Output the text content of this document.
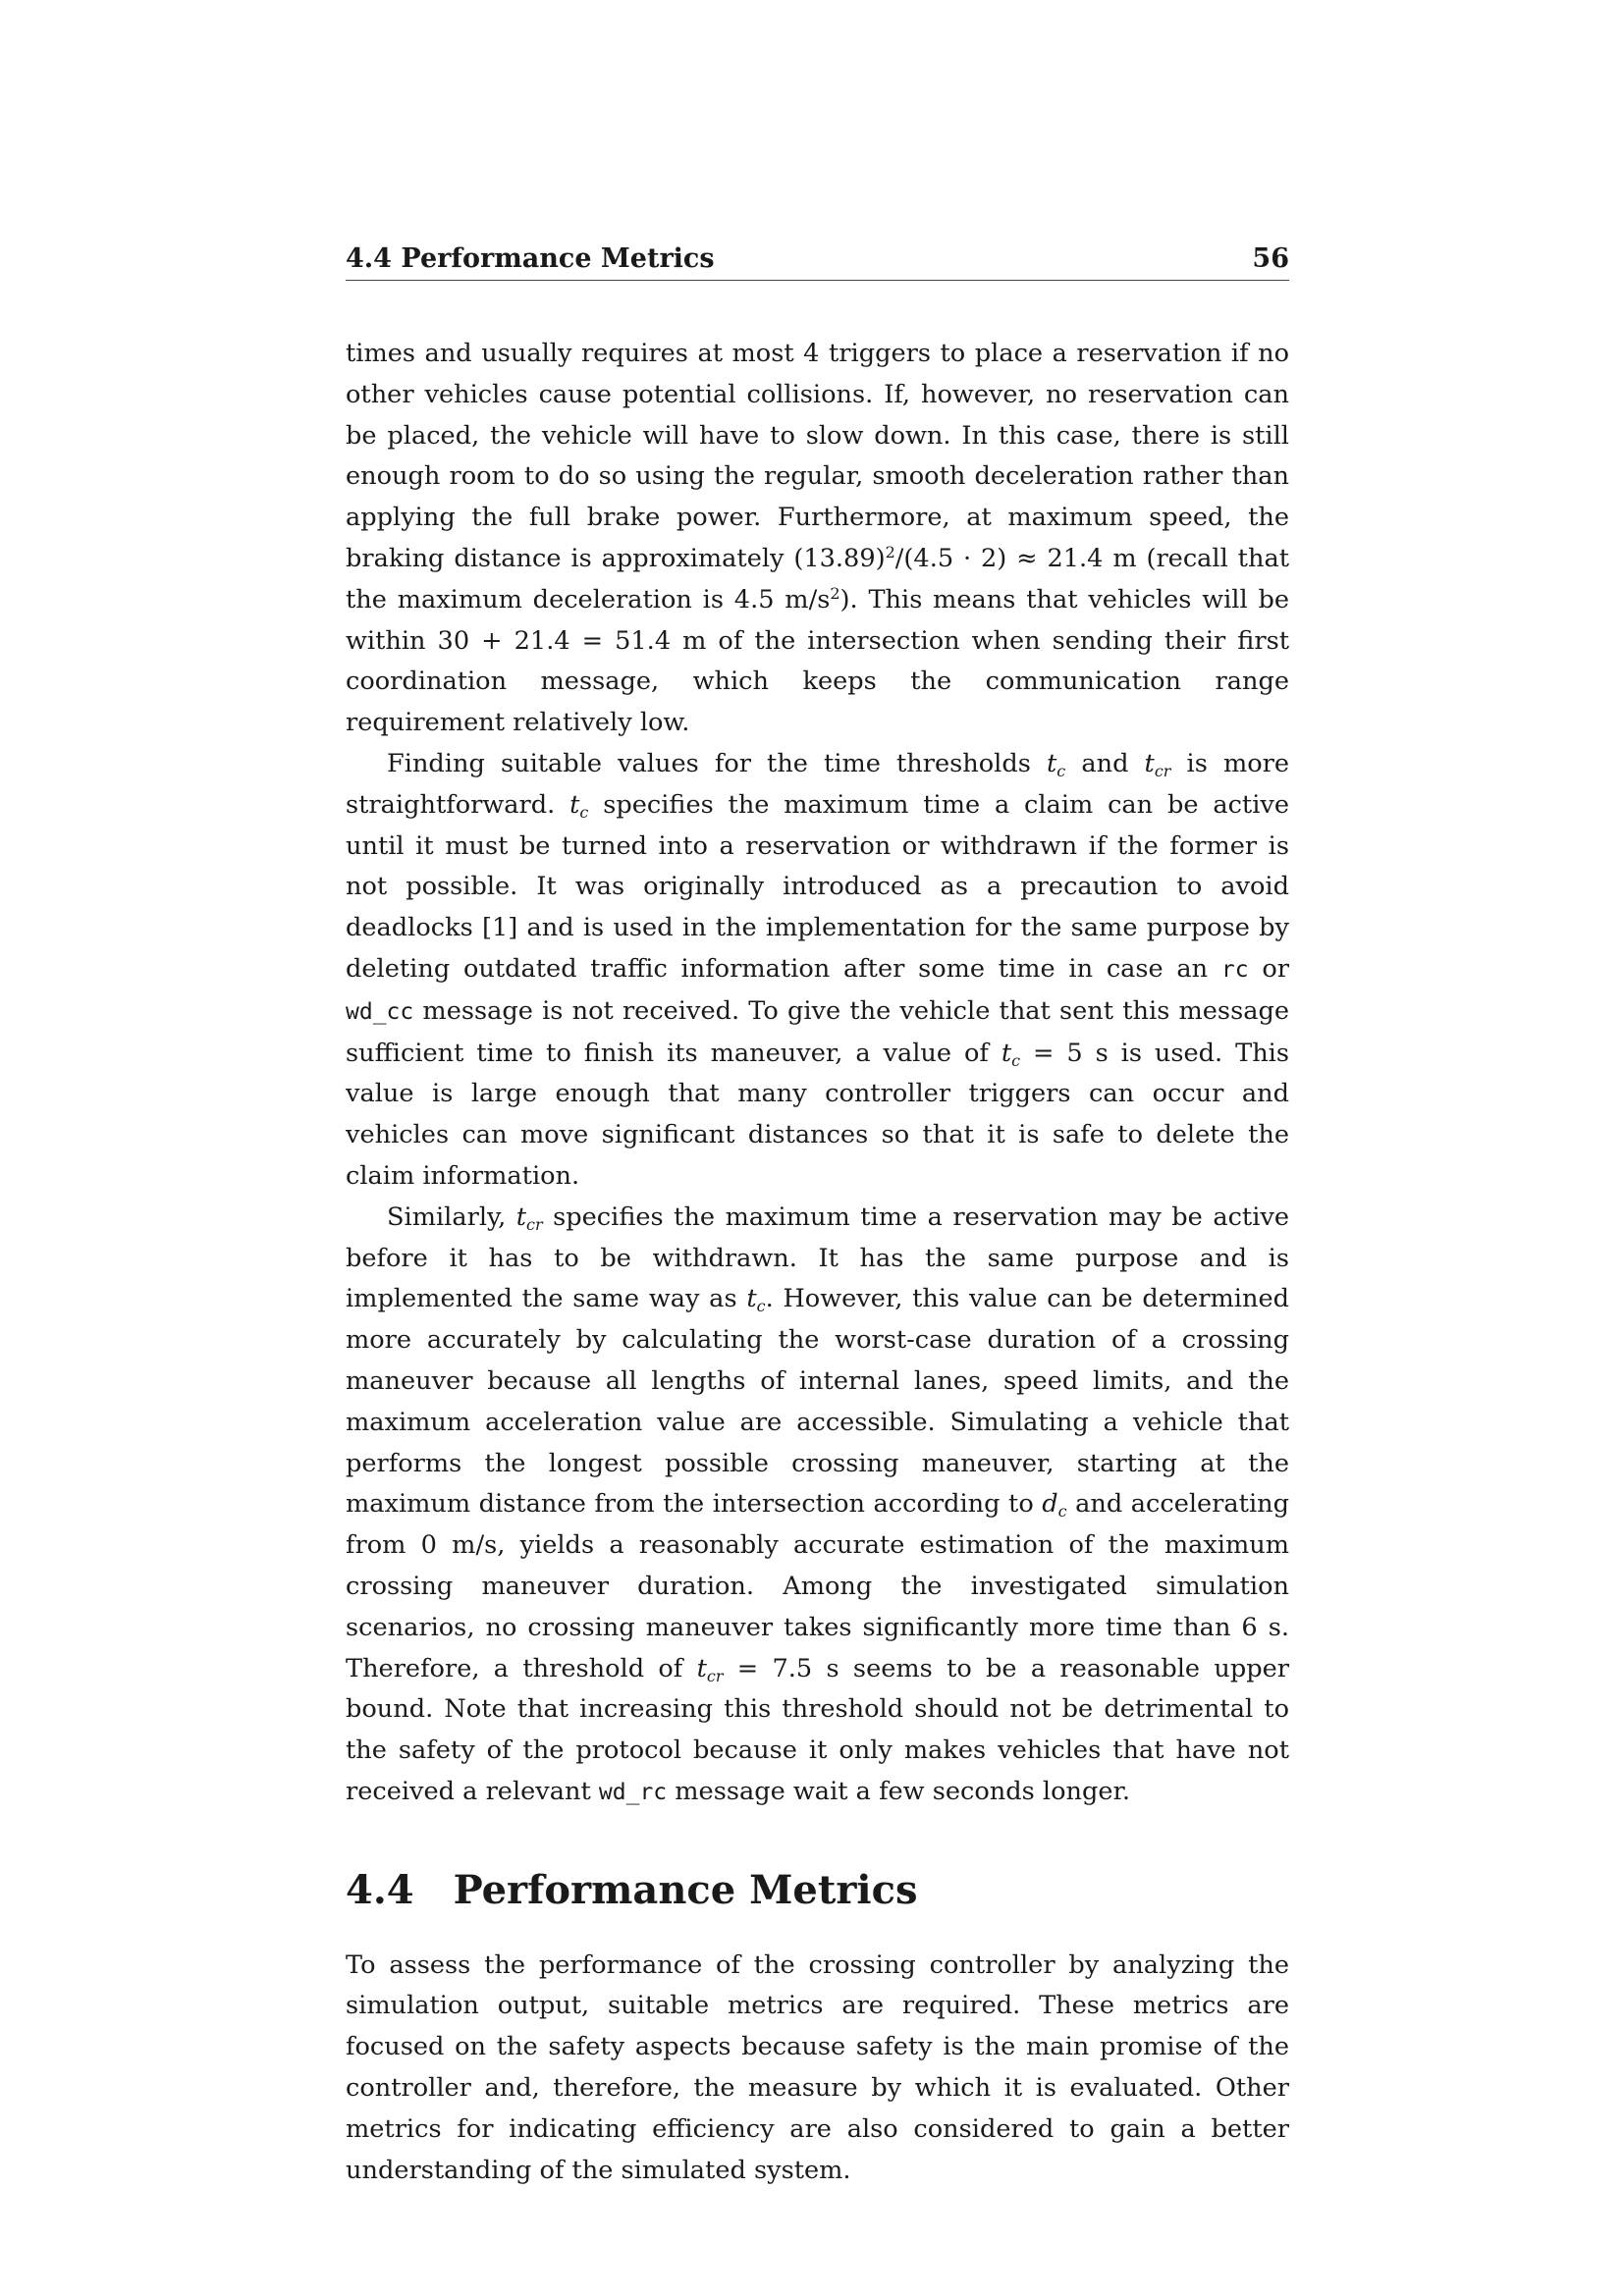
4.4 Performance Metrics	56

times and usually requires at most 4 triggers to place a reservation if no other vehicles cause potential collisions. If, however, no reservation can be placed, the vehicle will have to slow down. In this case, there is still enough room to do so using the regular, smooth deceleration rather than applying the full brake power. Furthermore, at maximum speed, the braking distance is approximately $(13.89)^2/(4.5 \cdot 2) \approx 21.4$ m (recall that the maximum deceleration is 4.5 $m/s^2$). This means that vehicles will be within 30 + 21.4 = 51.4 m of the intersection when sending their first coordination message, which keeps the communication range requirement relatively low.

Finding suitable values for the time thresholds $t_c$ and $t_{cr}$ is more straightforward. $t_c$ specifies the maximum time a claim can be active until it must be turned into a reservation or withdrawn if the former is not possible. It was originally introduced as a precaution to avoid deadlocks [1] and is used in the implementation for the same purpose by deleting outdated traffic information after some time in case an rc or wd_cc message is not received. To give the vehicle that sent this message sufficient time to finish its maneuver, a value of $t_c = 5$ s is used. This value is large enough that many controller triggers can occur and vehicles can move significant distances so that it is safe to delete the claim information.

Similarly, $t_{cr}$ specifies the maximum time a reservation may be active before it has to be withdrawn. It has the same purpose and is implemented the same way as $t_c$. However, this value can be determined more accurately by calculating the worst-case duration of a crossing maneuver because all lengths of internal lanes, speed limits, and the maximum acceleration value are accessible. Simulating a vehicle that performs the longest possible crossing maneuver, starting at the maximum distance from the intersection according to $d_c$ and accelerating from 0 m/s, yields a reasonably accurate estimation of the maximum crossing maneuver duration. Among the investigated simulation scenarios, no crossing maneuver takes significantly more time than 6 s. Therefore, a threshold of $t_{cr} = 7.5$ s seems to be a reasonable upper bound. Note that increasing this threshold should not be detrimental to the safety of the protocol because it only makes vehicles that have not received a relevant wd_rc message wait a few seconds longer.

4.4 Performance Metrics

To assess the performance of the crossing controller by analyzing the simulation output, suitable metrics are required. These metrics are focused on the safety aspects because safety is the main promise of the controller and, therefore, the measure by which it is evaluated. Other metrics for indicating efficiency are also considered to gain a better understanding of the simulated system.
